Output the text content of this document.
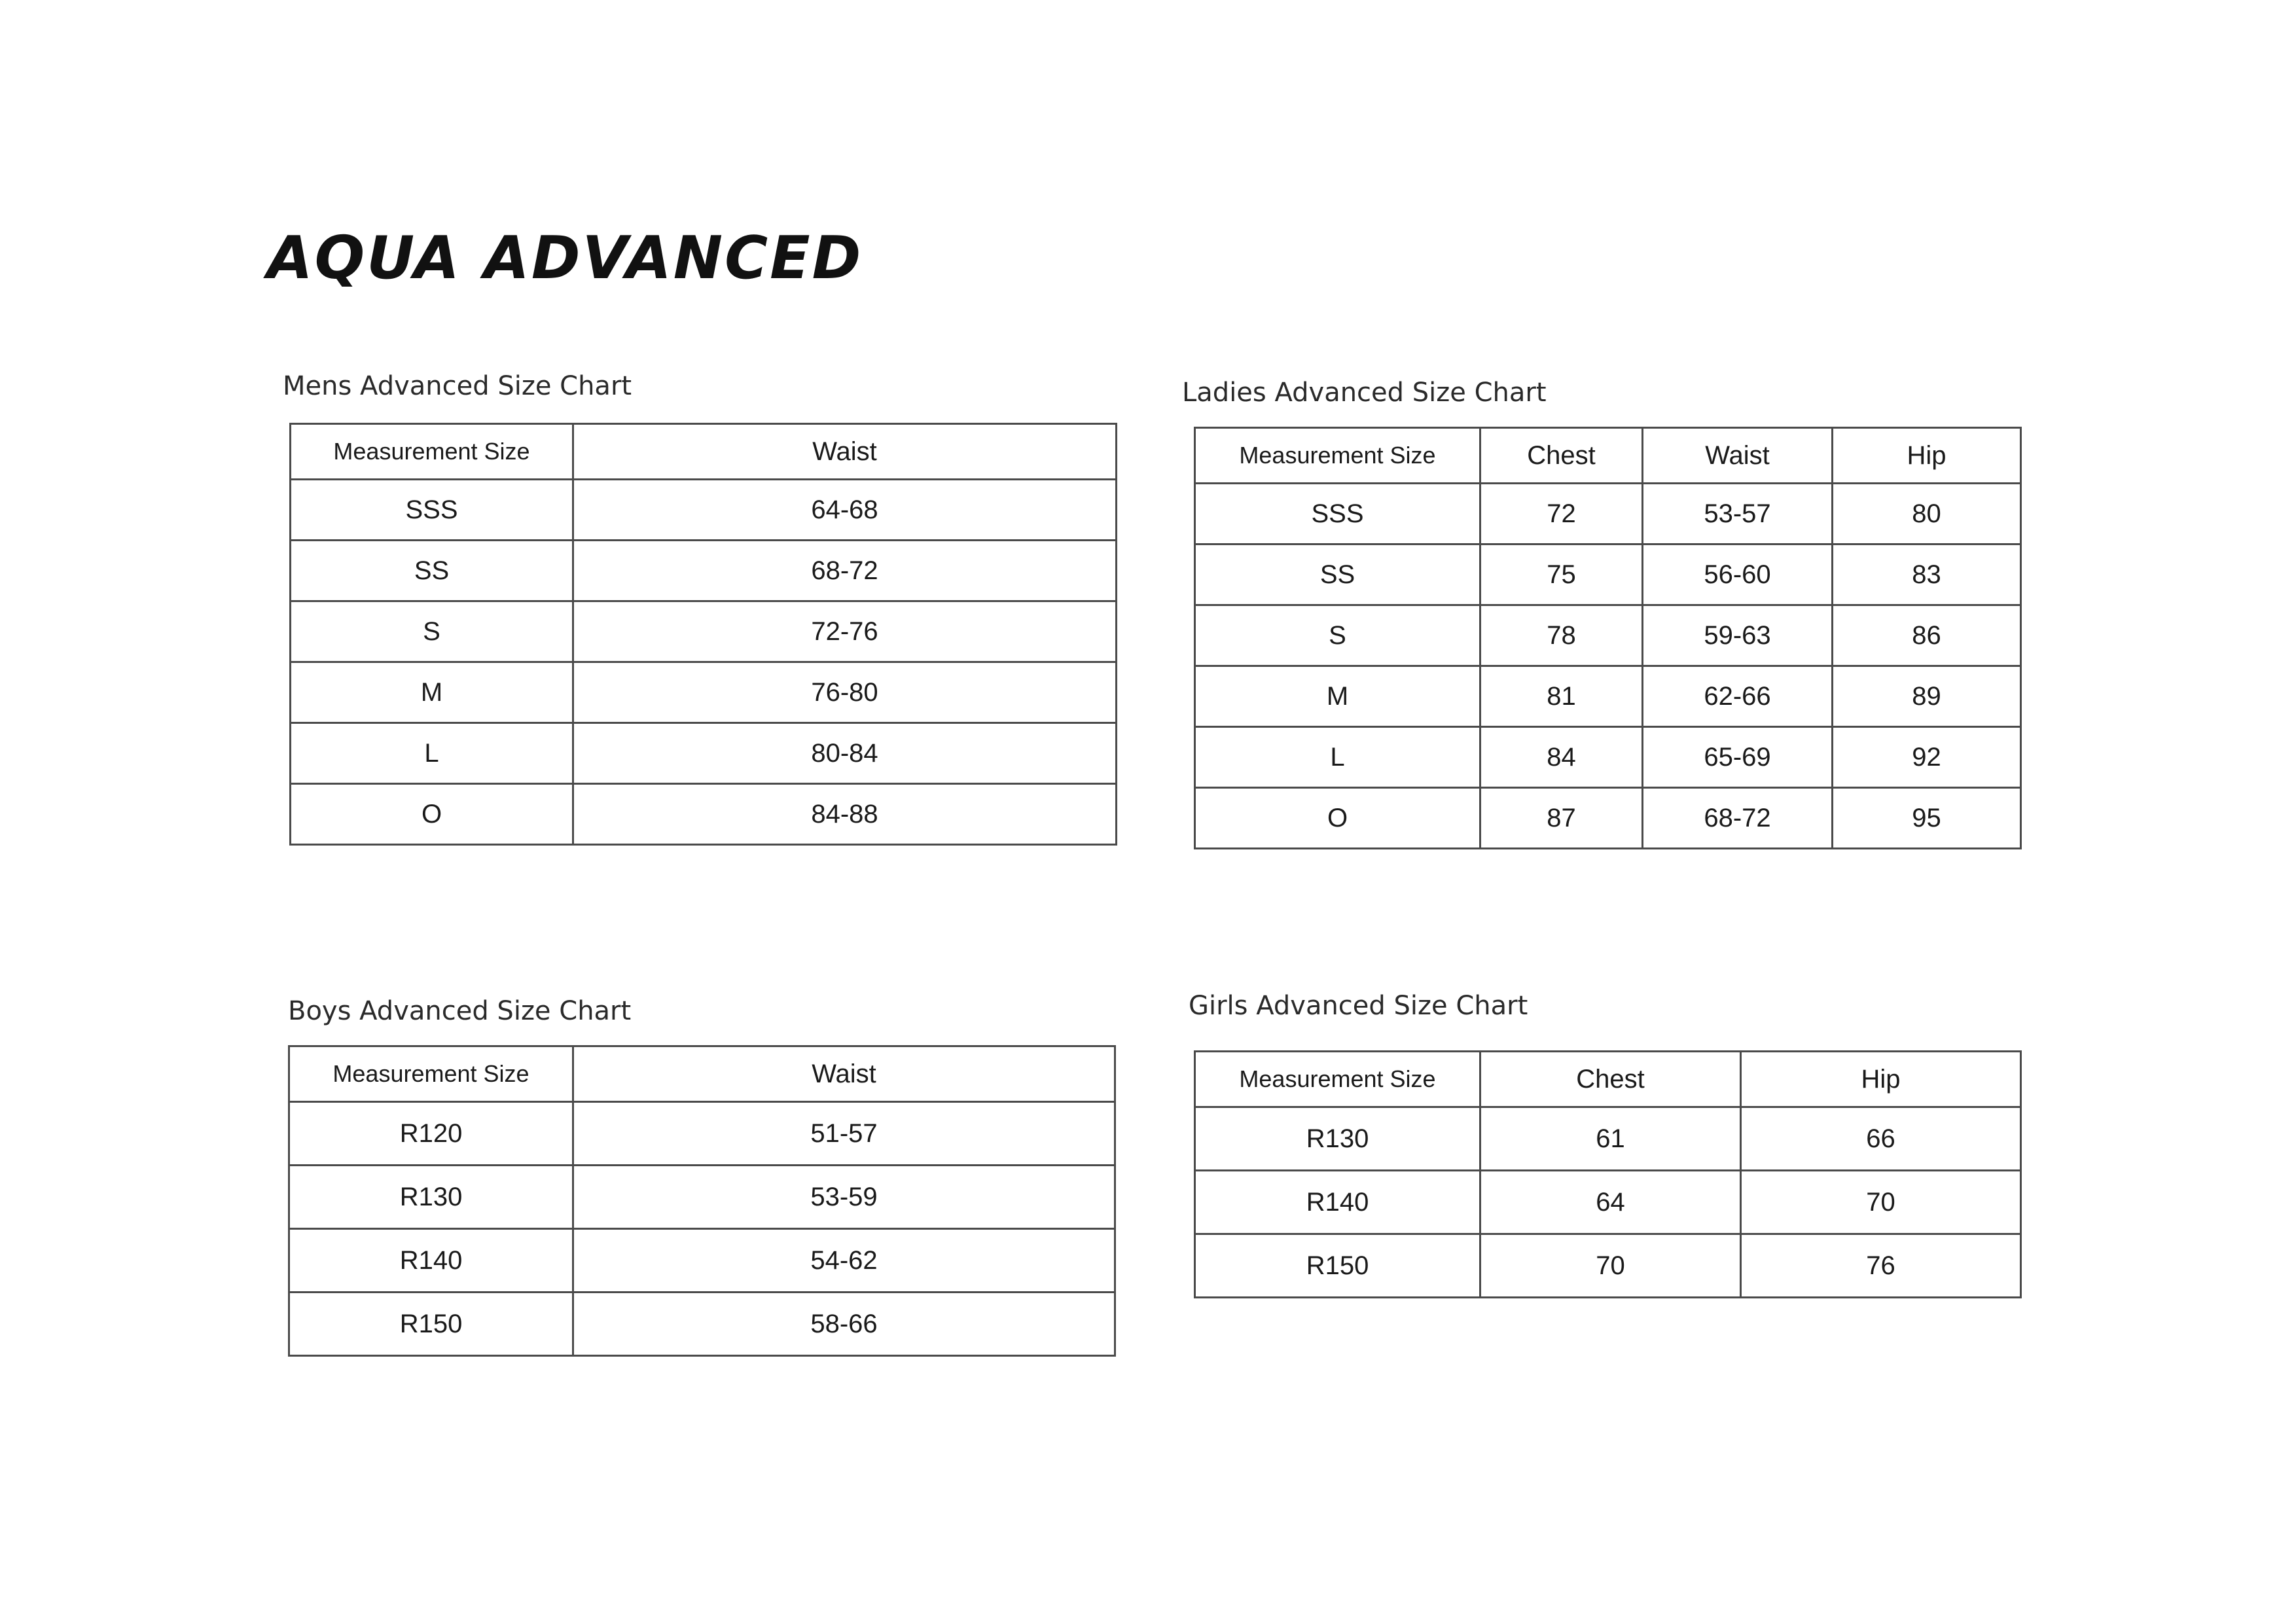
AQUA ADVANCED
Mens Advanced Size Chart
Measurement Size	Waist
SSS	64-68
SS	68-72
S	72-76
M	76-80
L	80-84
O	84-88
Ladies Advanced Size Chart
Measurement Size	Chest	Waist	Hip
SSS	72	53-57	80
SS	75	56-60	83
S	78	59-63	86
M	81	62-66	89
L	84	65-69	92
O	87	68-72	95
Boys Advanced Size Chart
Measurement Size	Waist
R120	51-57
R130	53-59
R140	54-62
R150	58-66
Girls Advanced Size Chart
Measurement Size	Chest	Hip
R130	61	66
R140	64	70
R150	70	76
